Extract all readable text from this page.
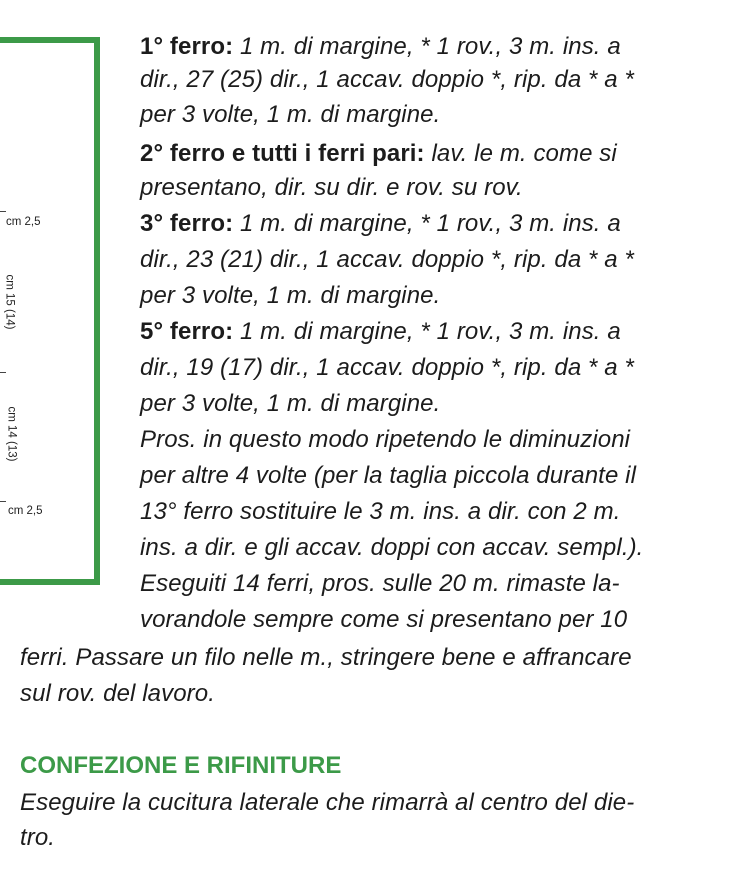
cm 2,5
cm 15 (14)
cm 14 (13)
cm 2,5
1° ferro: 1 m. di margine, * 1 rov., 3 m. ins. a
dir., 27 (25) dir., 1 accav. doppio *, rip. da * a *
per 3 volte, 1 m. di margine.
2° ferro e tutti i ferri pari: lav. le m. come si
presentano, dir. su dir. e rov. su rov.
3° ferro: 1 m. di margine, * 1 rov., 3 m. ins. a
dir., 23 (21) dir., 1 accav. doppio *, rip. da * a *
per 3 volte, 1 m. di margine.
5° ferro: 1 m. di margine, * 1 rov., 3 m. ins. a
dir., 19 (17) dir., 1 accav. doppio *, rip. da * a *
per 3 volte, 1 m. di margine.
Pros. in questo modo ripetendo le diminuzioni
per altre 4 volte (per la taglia piccola durante il
13° ferro sostituire le 3 m. ins. a dir. con 2 m.
ins. a dir. e gli accav. doppi con accav. sempl.).
Eseguiti 14 ferri, pros. sulle 20 m. rimaste la-
vorandole sempre come si presentano per 10
ferri. Passare un filo nelle m., stringere bene e affrancare
sul rov. del lavoro.
CONFEZIONE E RIFINITURE
Eseguire la cucitura laterale che rimarrà al centro del die-
tro.
